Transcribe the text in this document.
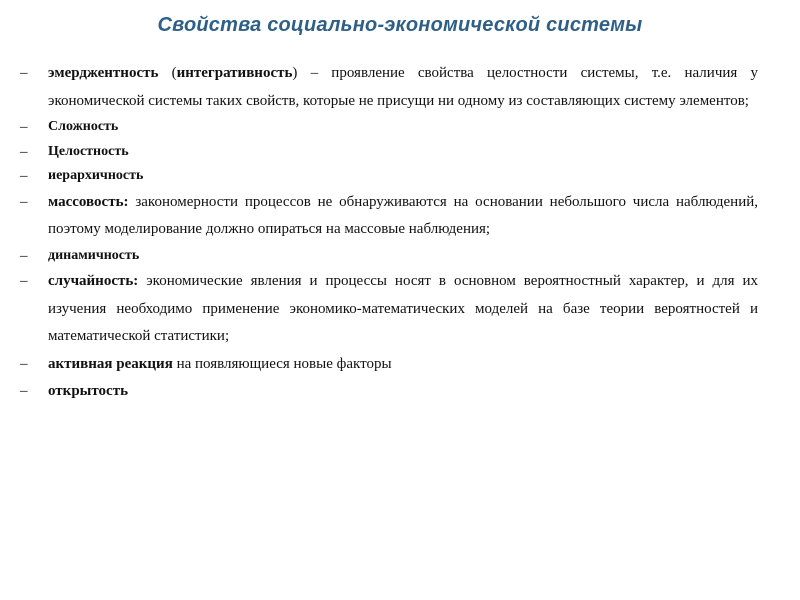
Свойства социально-экономической системы
–	эмерджентность (интегративность) – проявление свойства целостности системы, т.е. наличия у экономической системы таких свойств, которые не присущи ни одному из составляющих систему элементов;
–	Сложность
–	Целостность
–	иерархичность
–	массовость: закономерности процессов не обнаруживаются на основании небольшого числа наблюдений, поэтому моделирование должно опираться на массовые наблюдения;
–	динамичность
–	случайность: экономические явления и процессы носят в основном вероятностный характер, и для их изучения необходимо применение экономико-математических моделей на базе теории вероятностей и математической статистики;
–	активная реакция на появляющиеся новые факторы
–	открытость
